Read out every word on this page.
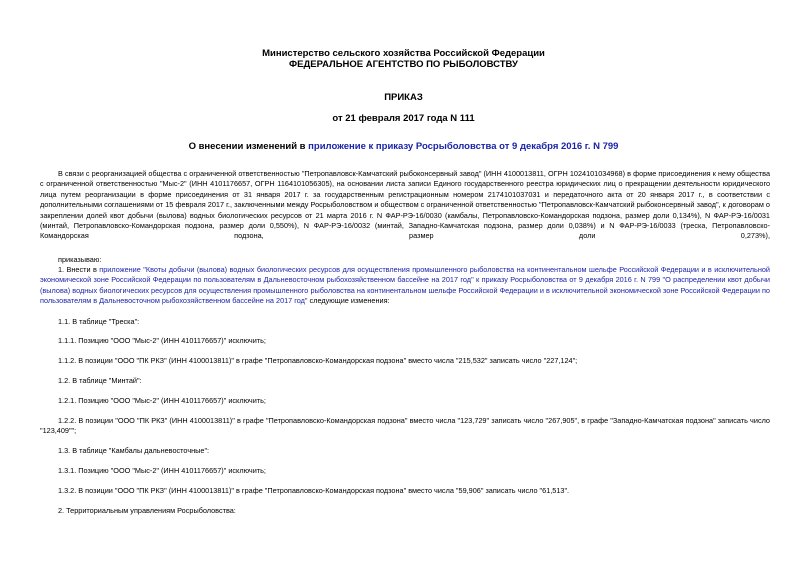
Министерство сельского хозяйства Российской Федерации
ФЕДЕРАЛЬНОЕ АГЕНТСТВО ПО РЫБОЛОВСТВУ
ПРИКАЗ
от 21 февраля 2017 года N 111
О внесении изменений в приложение к приказу Росрыболовства от 9 декабря 2016 г. N 799
В связи с реорганизацией общества с ограниченной ответственностью "Петропавловск-Камчатский рыбоконсервный завод" (ИНН 4100013811, ОГРН 1024101034968) в форме присоединения к нему общества с ограниченной ответственностью "Мыс-2" (ИНН 4101176657, ОГРН 1164101056305), на основании листа записи Единого государственного реестра юридических лиц о прекращении деятельности юридического лица путем реорганизации в форме присоединения от 31 января 2017 г. за государственным регистрационным номером 2174101037031 и передаточного акта от 20 января 2017 г., в соответствии с дополнительными соглашениями от 15 февраля 2017 г., заключенными между Росрыболовством и обществом с ограниченной ответственностью "Петропавловск-Камчатский рыбоконсервный завод", к договорам о закреплении долей квот добычи (вылова) водных биологических ресурсов от 21 марта 2016 г. N ФАР-РЭ-16/0030 (камбалы, Петропавловско-Командорская подзона, размер доли 0,134%), N ФАР-РЭ-16/0031 (минтай, Петропавловско-Командорская подзона, размер доли 0,550%), N ФАР-РЭ-16/0032 (минтай, Западно-Камчатская подзона, размер доли 0,038%) и N ФАР-РЭ-16/0033 (треска, Петропавловско-Командорская подзона, размер доли 0,273%),
приказываю:
1. Внести в приложение "Квоты добычи (вылова) водных биологических ресурсов для осуществления промышленного рыболовства на континентальном шельфе Российской Федерации и в исключительной экономической зоне Российской Федерации по пользователям в Дальневосточном рыбохозяйственном бассейне на 2017 год" к приказу Росрыболовства от 9 декабря 2016 г. N 799 "О распределении квот добычи (вылова) водных биологических ресурсов для осуществления промышленного рыболовства на континентальном шельфе Российской Федерации и в исключительной экономической зоне Российской Федерации по пользователям в Дальневосточном рыбохозяйственном бассейне на 2017 год" следующие изменения:
1.1. В таблице "Треска":
1.1.1. Позицию "ООО "Мыс-2" (ИНН 4101176657)" исключить;
1.1.2. В позиции "ООО "ПК РКЗ" (ИНН 4100013811)" в графе "Петропавловско-Командорская подзона" вместо числа "215,532" записать число "227,124";
1.2. В таблице "Минтай":
1.2.1. Позицию "ООО "Мыс-2" (ИНН 4101176657)" исключить;
1.2.2. В позиции "ООО "ПК РКЗ" (ИНН 4100013811)" в графе "Петропавловско-Командорская подзона" вместо числа "123,729" записать число "267,905", в графе "Западно-Камчатская подзона" записать число "123,409"";
1.3. В таблице "Камбалы дальневосточные":
1.3.1. Позицию "ООО "Мыс-2" (ИНН 4101176657)" исключить;
1.3.2. В позиции "ООО "ПК РКЗ" (ИНН 4100013811)" в графе "Петропавловско-Командорская подзона" вместо числа "59,906" записать число "61,513".
2. Территориальным управлениям Росрыболовства:
